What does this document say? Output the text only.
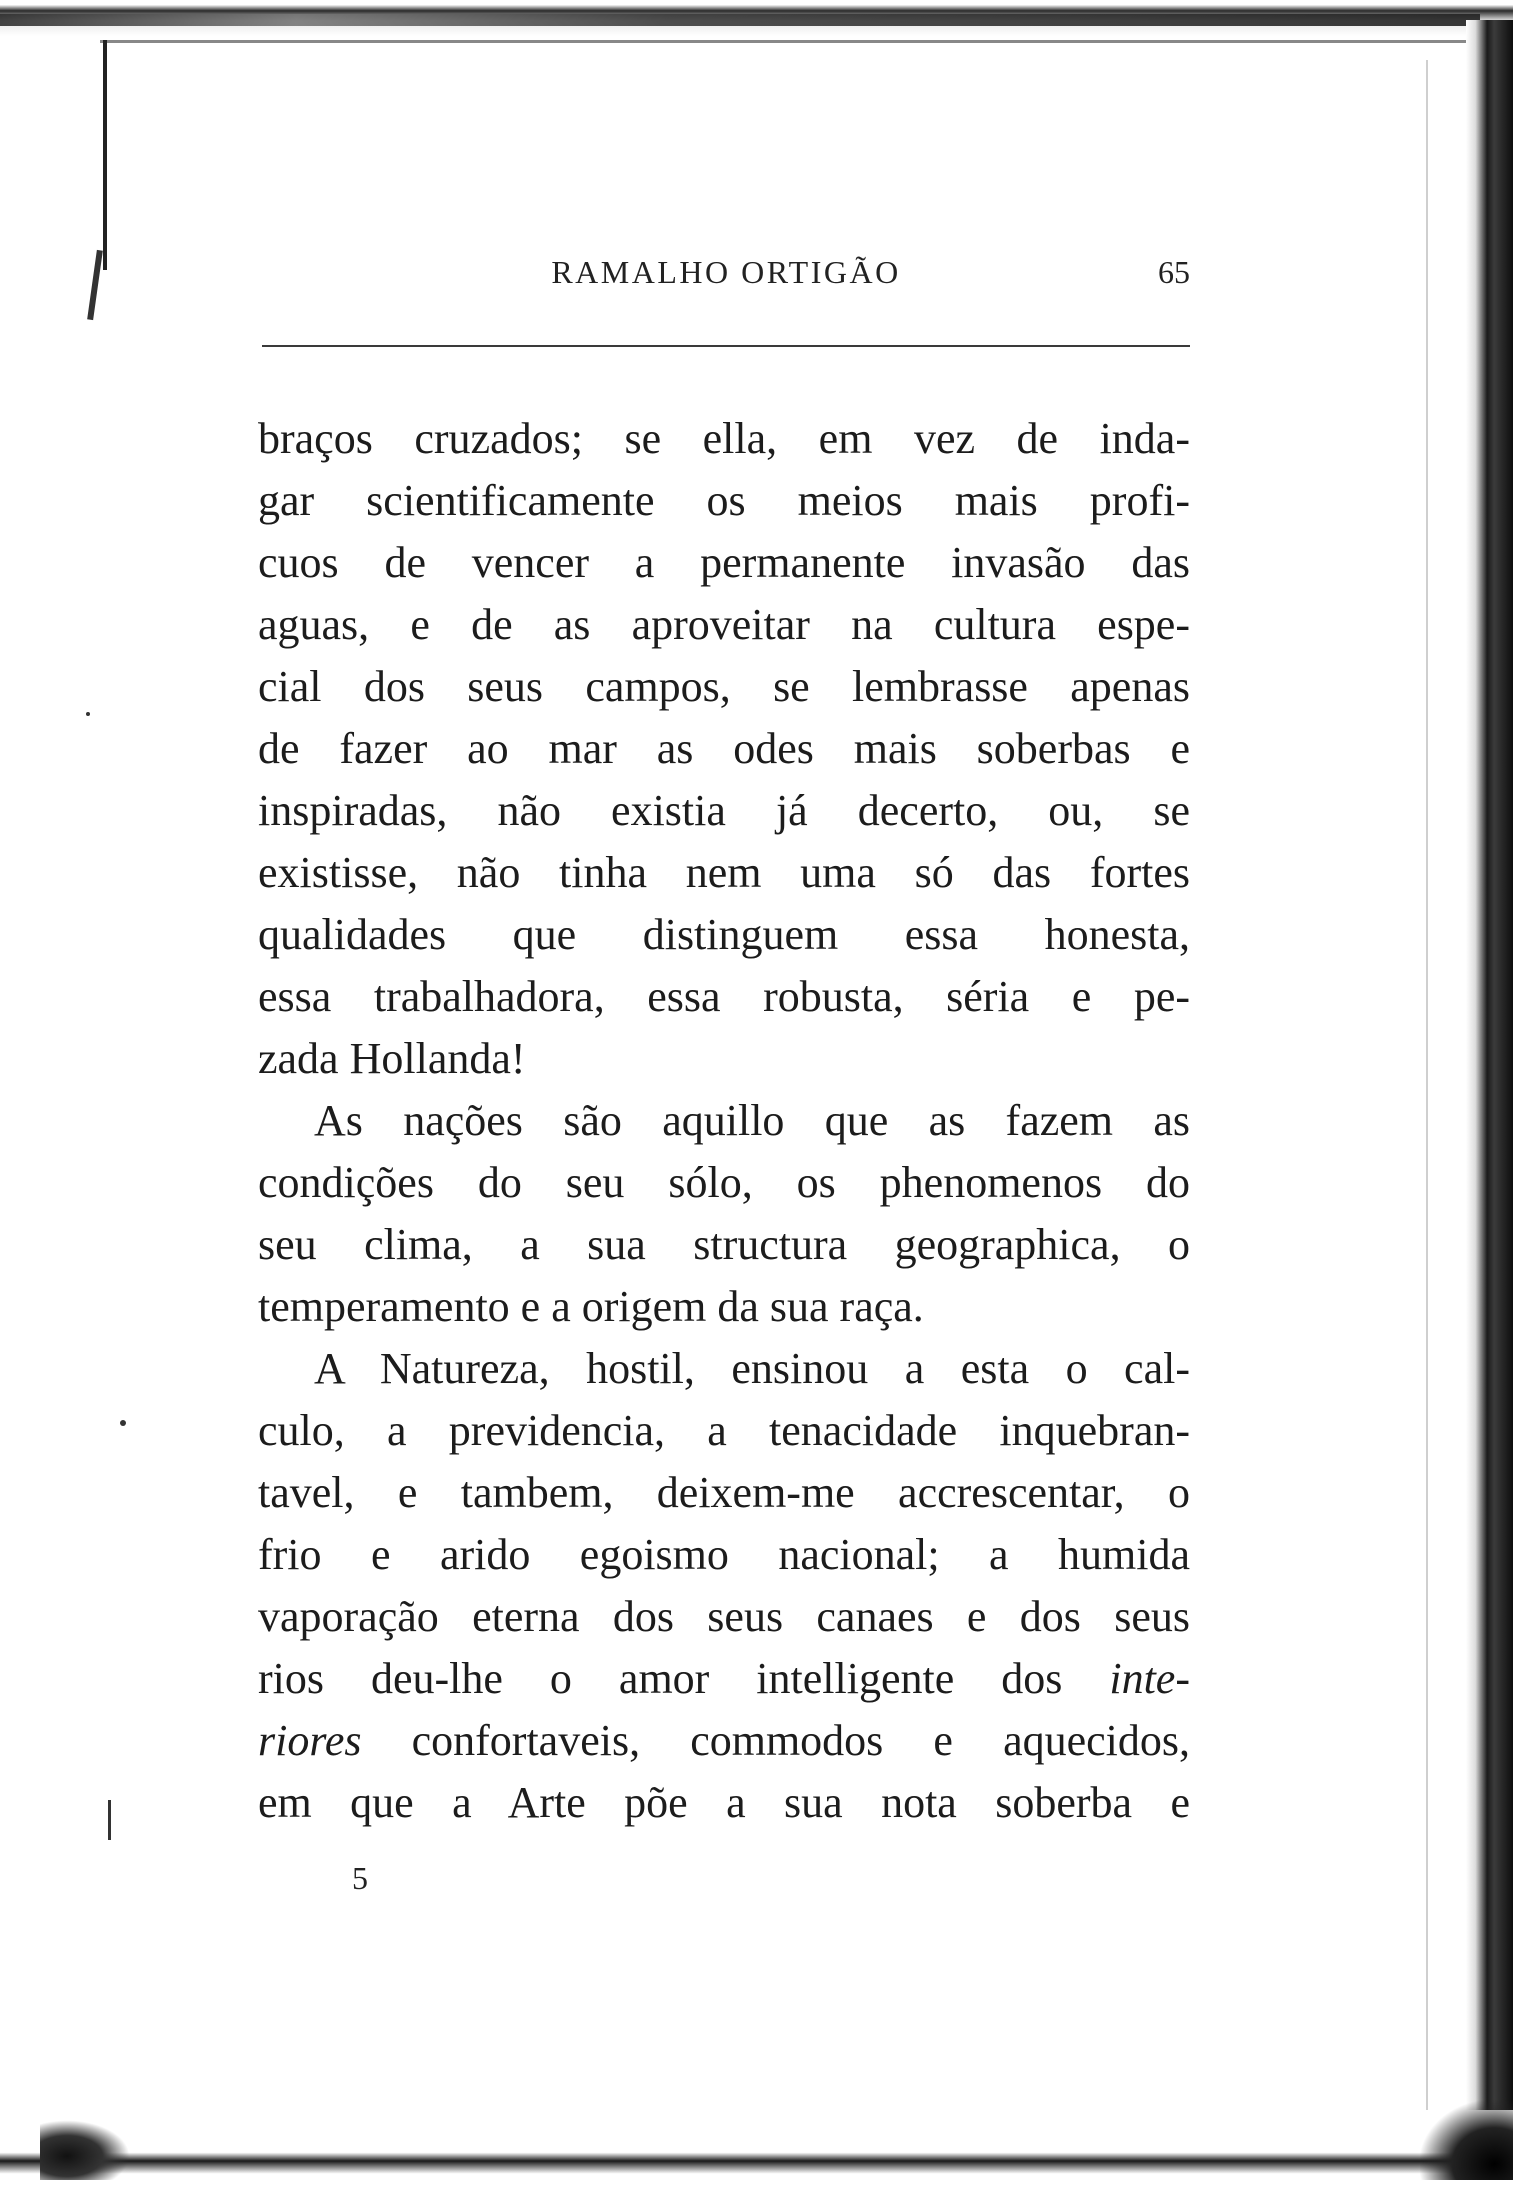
RAMALHO ORTIGÃO	65
braços cruzados; se ella, em vez de inda-
gar scientificamente os meios mais profi-
cuos de vencer a permanente invasão das
aguas, e de as aproveitar na cultura espe-
cial dos seus campos, se lembrasse apenas
de fazer ao mar as odes mais soberbas e
inspiradas, não existia já decerto, ou, se
existisse, não tinha nem uma só das fortes
qualidades que distinguem essa honesta,
essa trabalhadora, essa robusta, séria e pe-
zada Hollanda!
As nações são aquillo que as fazem as
condições do seu sólo, os phenomenos do
seu clima, a sua structura geographica, o
temperamento e a origem da sua raça.
A Natureza, hostil, ensinou a esta o cal-
culo, a previdencia, a tenacidade inquebran-
tavel, e tambem, deixem-me accrescentar, o
frio e arido egoismo nacional; a humida
vaporação eterna dos seus canaes e dos seus
rios deu-lhe o amor intelligente dos inte-
riores confortaveis, commodos e aquecidos,
em que a Arte põe a sua nota soberba e
5
